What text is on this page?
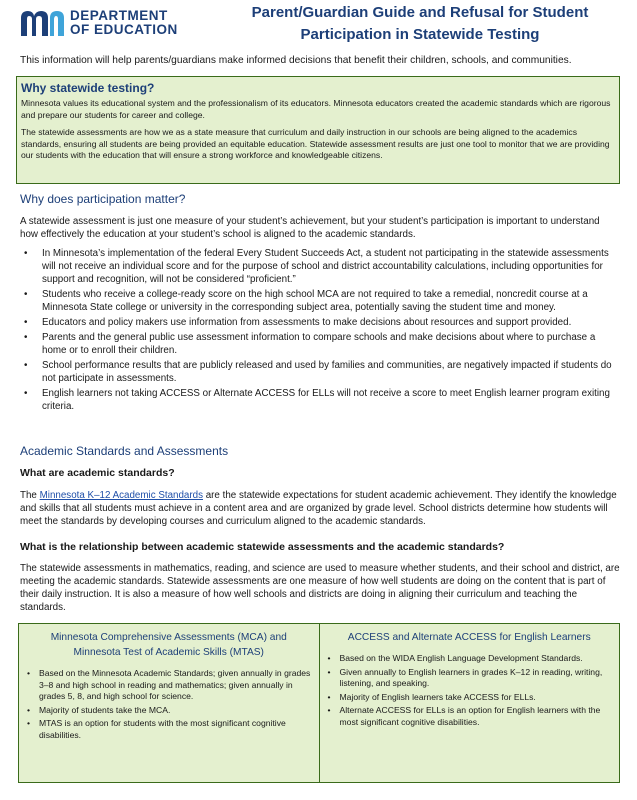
DEPARTMENT
OF EDUCATION
Parent/Guardian Guide and Refusal for Student
Participation in Statewide Testing
This information will help parents/guardians make informed decisions that benefit their children, schools, and communities.
Why statewide testing?

Minnesota values its educational system and the professionalism of its educators. Minnesota educators created the academic standards which are rigorous and prepare our students for career and college.

The statewide assessments are how we as a state measure that curriculum and daily instruction in our schools are being aligned to the academics standards, ensuring all students are being provided an equitable education. Statewide assessment results are just one tool to monitor that we are providing our students with the education that will ensure a strong workforce and knowledgeable citizens.

Why does participation matter?
A statewide assessment is just one measure of your student’s achievement, but your student’s participation is important to understand how effectively the education at your student’s school is aligned to the academic standards.
• In Minnesota’s implementation of the federal Every Student Succeeds Act, a student not participating in the statewide assessments will not receive an individual score and for the purpose of school and district accountability calculations, including opportunities for support and recognition, will not be considered “proficient.”
• Students who receive a college-ready score on the high school MCA are not required to take a remedial, noncredit course at a Minnesota State college or university in the corresponding subject area, potentially saving the student time and money.
• Educators and policy makers use information from assessments to make decisions about resources and support provided.
• Parents and the general public use assessment information to compare schools and make decisions about where to purchase a home or to enroll their children.
• School performance results that are publicly released and used by families and communities, are negatively impacted if students do not participate in assessments.
• English learners not taking ACCESS or Alternate ACCESS for ELLs will not receive a score to meet English learner program exiting criteria.
Academic Standards and Assessments
What are academic standards?
The Minnesota K–12 Academic Standards are the statewide expectations for student academic achievement. They identify the knowledge and skills that all students must achieve in a content area and are organized by grade level. School districts determine how students will meet the standards by developing courses and curriculum aligned to the academic standards.
What is the relationship between academic statewide assessments and the academic standards?
The statewide assessments in mathematics, reading, and science are used to measure whether students, and their school and district, are meeting the academic standards. Statewide assessments are one measure of how well students are doing on the content that is part of their daily instruction. It is also a measure of how well schools and districts are doing in aligning their curriculum and teaching the standards.
Minnesota Comprehensive Assessments (MCA) and Minnesota Test of Academic Skills (MTAS)
• Based on the Minnesota Academic Standards; given annually in grades 3–8 and high school in reading and mathematics; given annually in grades 5, 8, and high school for science.
• Majority of students take the MCA.
• MTAS is an option for students with the most significant cognitive disabilities.
ACCESS and Alternate ACCESS for English Learners
• Based on the WIDA English Language Development Standards.
• Given annually to English learners in grades K–12 in reading, writing, listening, and speaking.
• Majority of English learners take ACCESS for ELLs.
• Alternate ACCESS for ELLs is an option for English learners with the most significant cognitive disabilities.
